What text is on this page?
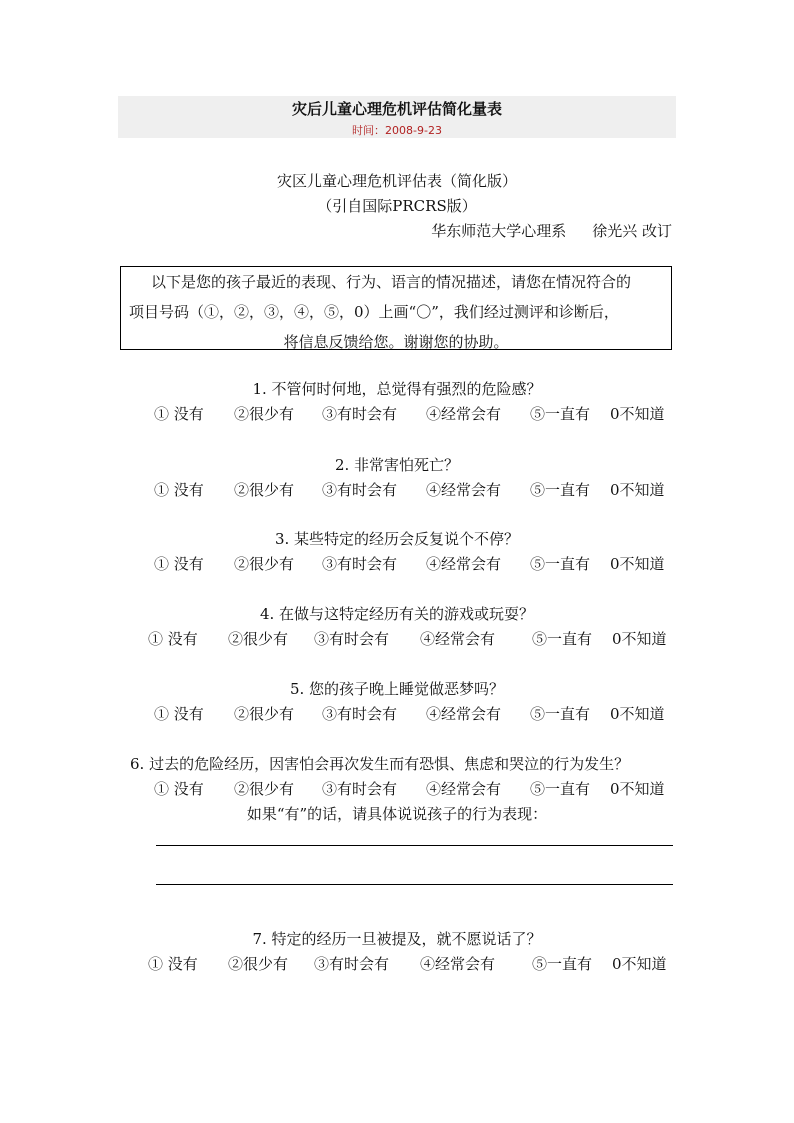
灾后儿童心理危机评估简化量表
时间：2008-9-23
灾区儿童心理危机评估表（简化版）
（引自国际PRCRS版）
华东师范大学心理系 徐光兴 改订
以下是您的孩子最近的表现、行为、语言的情况描述，请您在情况符合的
项目号码（①，②，③，④，⑤，0）上画“〇”，我们经过测评和诊断后，
将信息反馈给您。谢谢您的协助。
1. 不管何时何地，总觉得有强烈的危险感？
① 没有 ②很少有 ③有时会有 ④经常会有 ⑤一直有 0不知道
2. 非常害怕死亡？
① 没有 ②很少有 ③有时会有 ④经常会有 ⑤一直有 0不知道
3. 某些特定的经历会反复说个不停？
① 没有 ②很少有 ③有时会有 ④经常会有 ⑤一直有 0不知道
4. 在做与这特定经历有关的游戏或玩耍？
① 没有 ②很少有 ③有时会有 ④经常会有 ⑤一直有 0不知道
5. 您的孩子晚上睡觉做恶梦吗？
① 没有 ②很少有 ③有时会有 ④经常会有 ⑤一直有 0不知道
6. 过去的危险经历，因害怕会再次发生而有恐惧、焦虑和哭泣的行为发生？
① 没有 ②很少有 ③有时会有 ④经常会有 ⑤一直有 0不知道
如果“有”的话，请具体说说孩子的行为表现：
7. 特定的经历一旦被提及，就不愿说话了？
① 没有 ②很少有 ③有时会有 ④经常会有 ⑤一直有 0不知道
